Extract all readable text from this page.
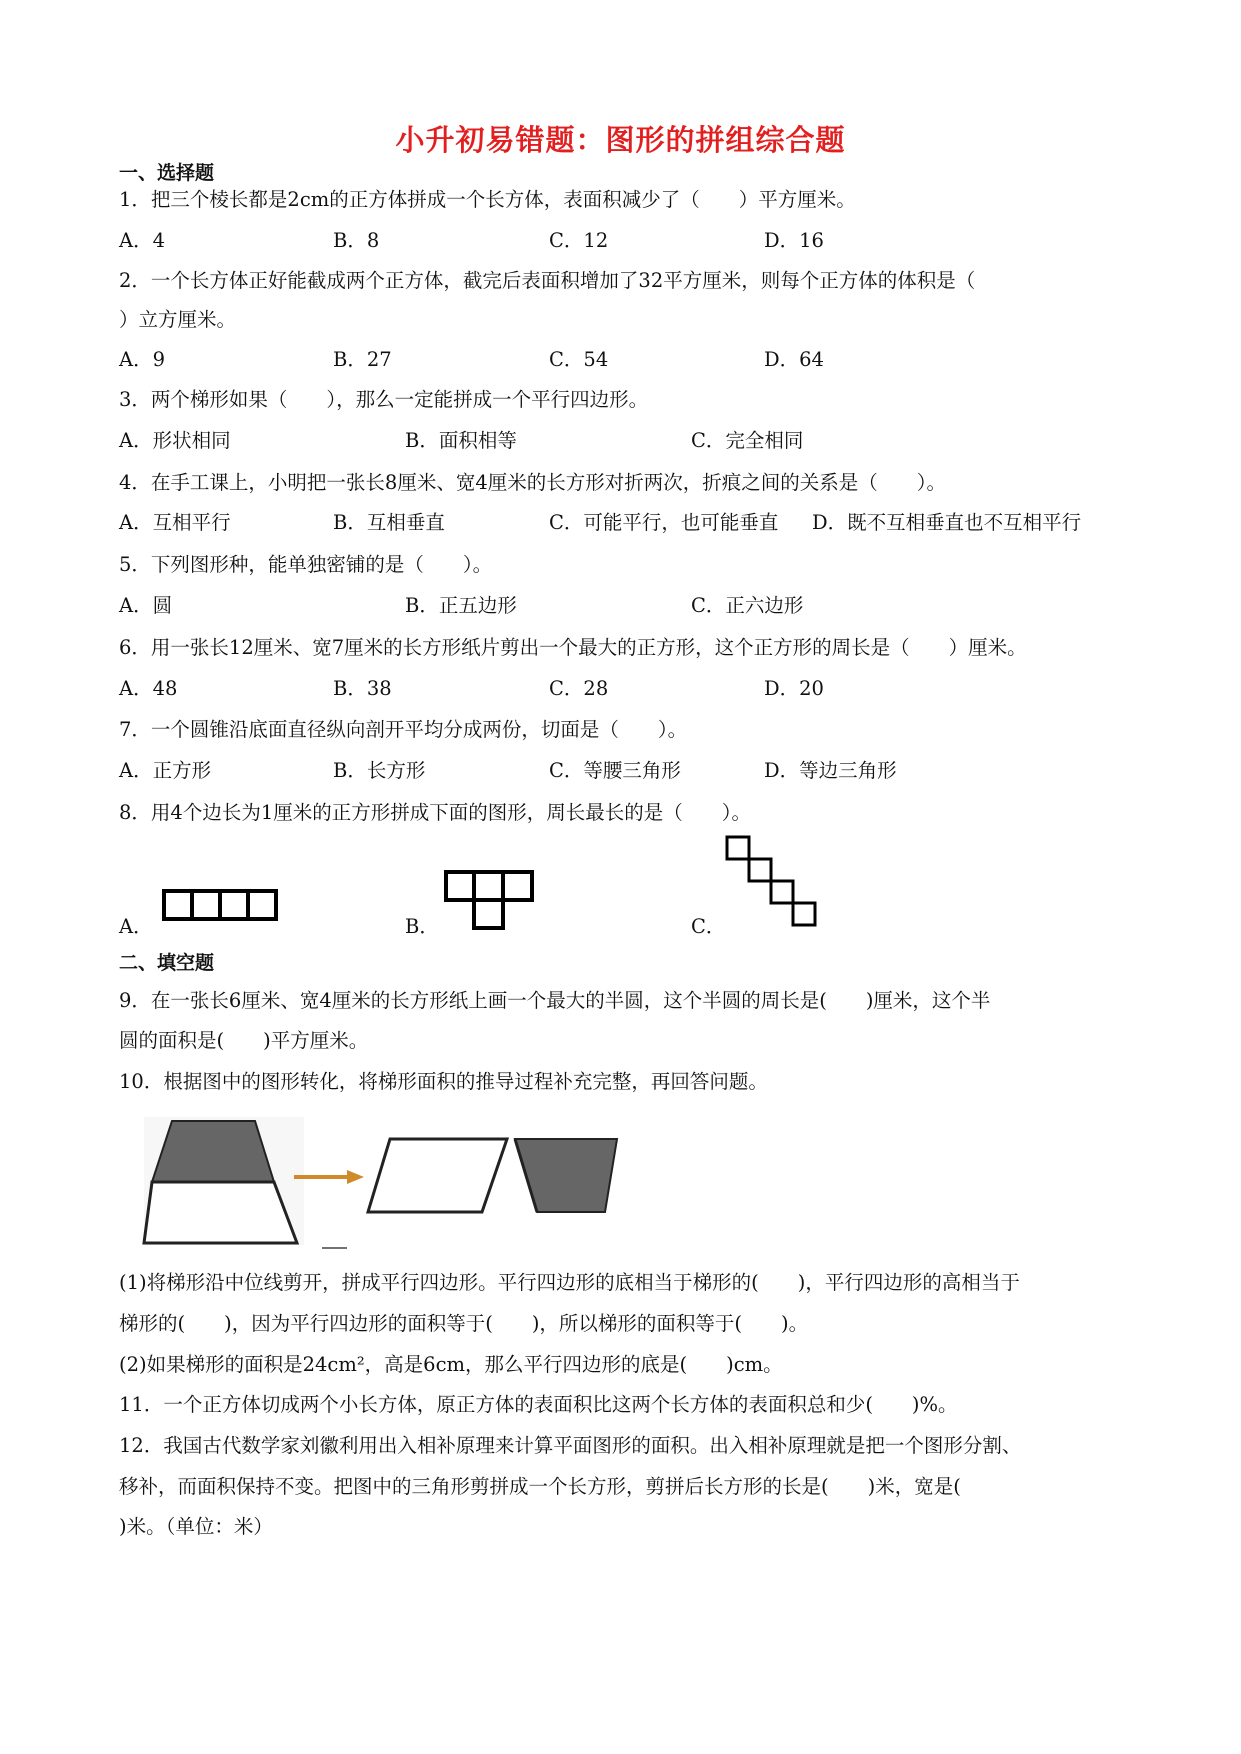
小升初易错题：图形的拼组综合题
一、选择题
1．把三个棱长都是2cm的正方体拼成一个长方体，表面积减少了（　　）平方厘米。
A．4	B．8	C．12	D．16
2．一个长方体正好能截成两个正方体，截完后表面积增加了32平方厘米，则每个正方体的体积是（
）立方厘米。
A．9	B．27	C．54	D．64
3．两个梯形如果（　　），那么一定能拼成一个平行四边形。
A．形状相同	B．面积相等	C．完全相同
4．在手工课上，小明把一张长8厘米、宽4厘米的长方形对折两次，折痕之间的关系是（　　）。
A．互相平行	B．互相垂直	C．可能平行，也可能垂直 D．既不互相垂直也不互相平行
5．下列图形种，能单独密铺的是（　　）。
A．圆	B．正五边形	C．正六边形
6．用一张长12厘米、宽7厘米的长方形纸片剪出一个最大的正方形，这个正方形的周长是（　　）厘米。
A．48	B．38	C．28	D．20
7．一个圆锥沿底面直径纵向剖开平均分成两份，切面是（　　）。
A．正方形	B．长方形	C．等腰三角形	D．等边三角形
8．用4个边长为1厘米的正方形拼成下面的图形，周长最长的是（　　）。
A．	B．	C．
二、填空题
9．在一张长6厘米、宽4厘米的长方形纸上画一个最大的半圆，这个半圆的周长是(　　)厘米，这个半
圆的面积是(　　)平方厘米。
10．根据图中的图形转化，将梯形面积的推导过程补充完整，再回答问题。
(1)将梯形沿中位线剪开，拼成平行四边形。平行四边形的底相当于梯形的(　　)，平行四边形的高相当于
梯形的(　　)，因为平行四边形的面积等于(　　)，所以梯形的面积等于(　　)。
(2)如果梯形的面积是24cm²，高是6cm，那么平行四边形的底是(　　)cm。
11．一个正方体切成两个小长方体，原正方体的表面积比这两个长方体的表面积总和少(　　)%。
12．我国古代数学家刘徽利用出入相补原理来计算平面图形的面积。出入相补原理就是把一个图形分割、
移补，而面积保持不变。把图中的三角形剪拼成一个长方形，剪拼后长方形的长是(　　)米，宽是(
)米。（单位：米）
